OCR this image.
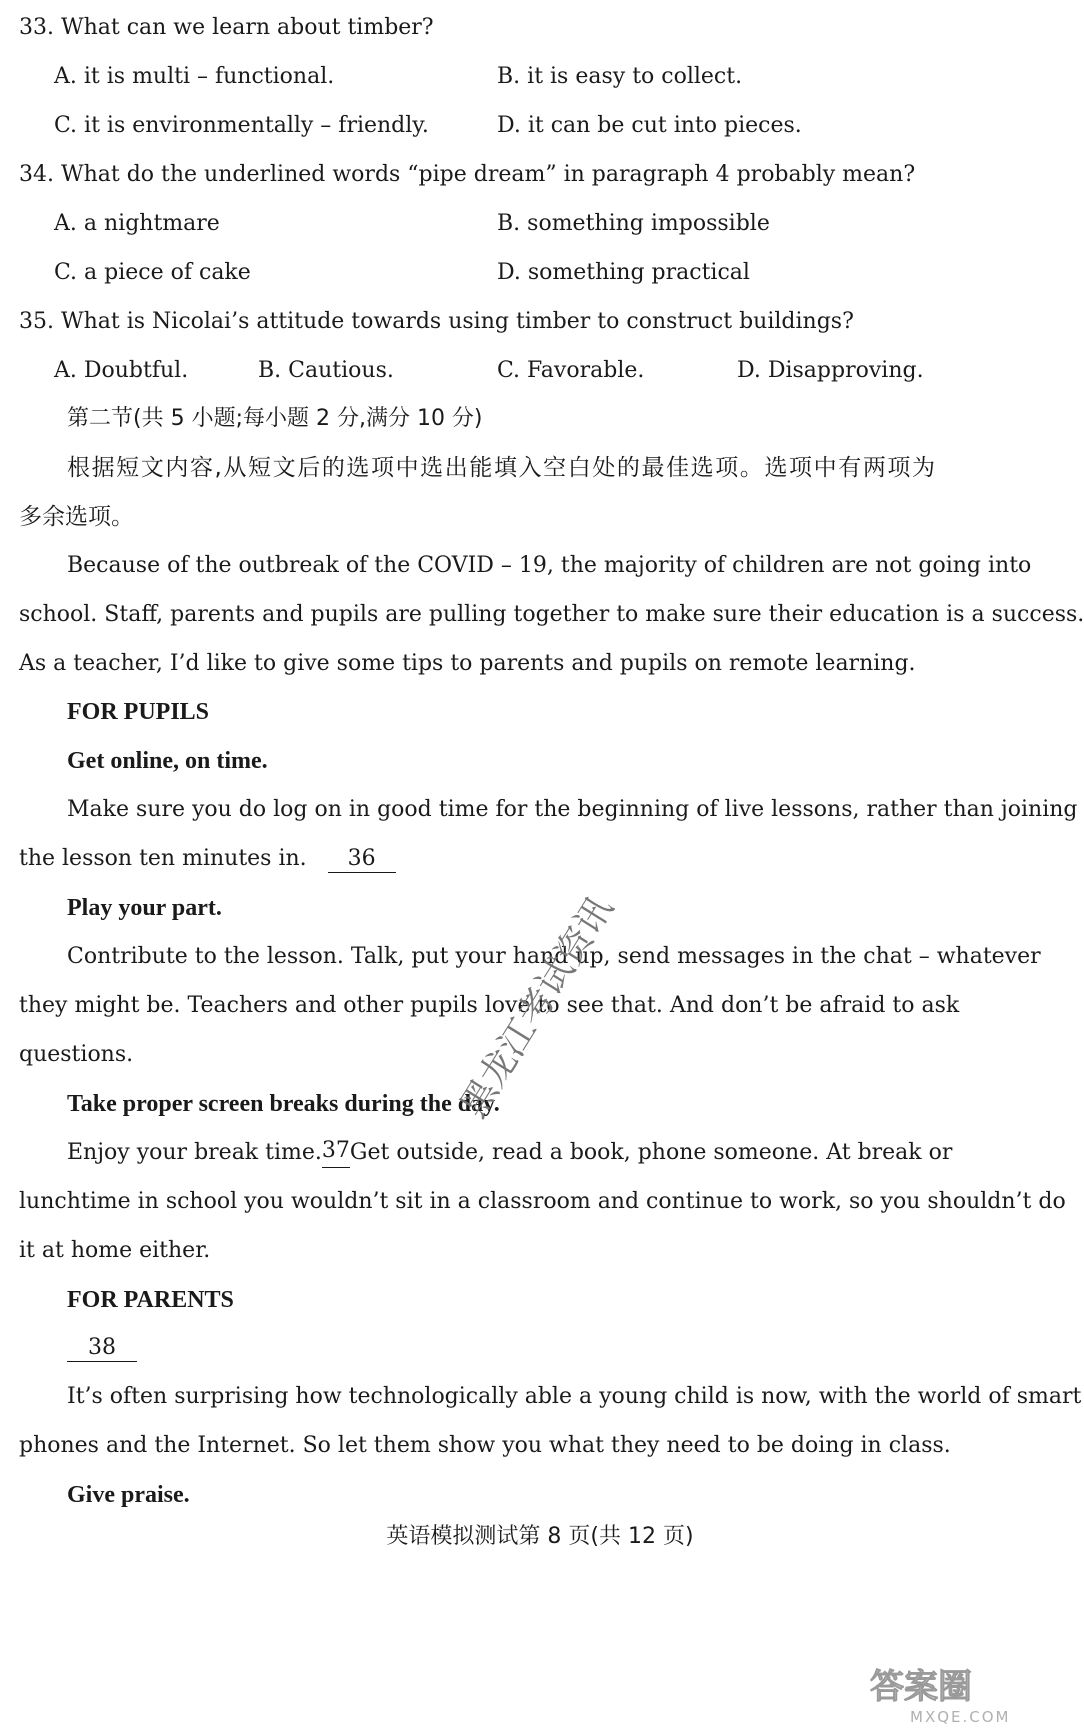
33. What can we learn about timber?
A. it is multi – functional.	B. it is easy to collect.
C. it is environmentally – friendly.	D. it can be cut into pieces.
34. What do the underlined words “pipe dream” in paragraph 4 probably mean?
A. a nightmare	B. something impossible
C. a piece of cake	D. something practical
35. What is Nicolai’s attitude towards using timber to construct buildings?
A. Doubtful.	B. Cautious.	C. Favorable.	D. Disapproving.
第二节(共 5 小题;每小题 2 分,满分 10 分)
根据短文内容,从短文后的选项中选出能填入空白处的最佳选项。选项中有两项为
多余选项。
Because of the outbreak of the COVID – 19, the majority of children are not going into
school. Staff, parents and pupils are pulling together to make sure their education is a success.
As a teacher, I’d like to give some tips to parents and pupils on remote learning.
FOR PUPILS
Get online, on time.
Make sure you do log on in good time for the beginning of live lessons, rather than joining
the lesson ten minutes in. 36
Play your part.
Contribute to the lesson. Talk, put your hand up, send messages in the chat – whatever
they might be. Teachers and other pupils love to see that. And don’t be afraid to ask
questions.
Take proper screen breaks during the day.
Enjoy your break time. 37 Get outside, read a book, phone someone. At break or
lunchtime in school you wouldn’t sit in a classroom and continue to work, so you shouldn’t do
it at home either.
FOR PARENTS
38
It’s often surprising how technologically able a young child is now, with the world of smart
phones and the Internet. So let them show you what they need to be doing in class.
Give praise.
英语模拟测试第 8 页(共 12 页)
黑龙江考试资讯
答案圈
MXQE.COM
